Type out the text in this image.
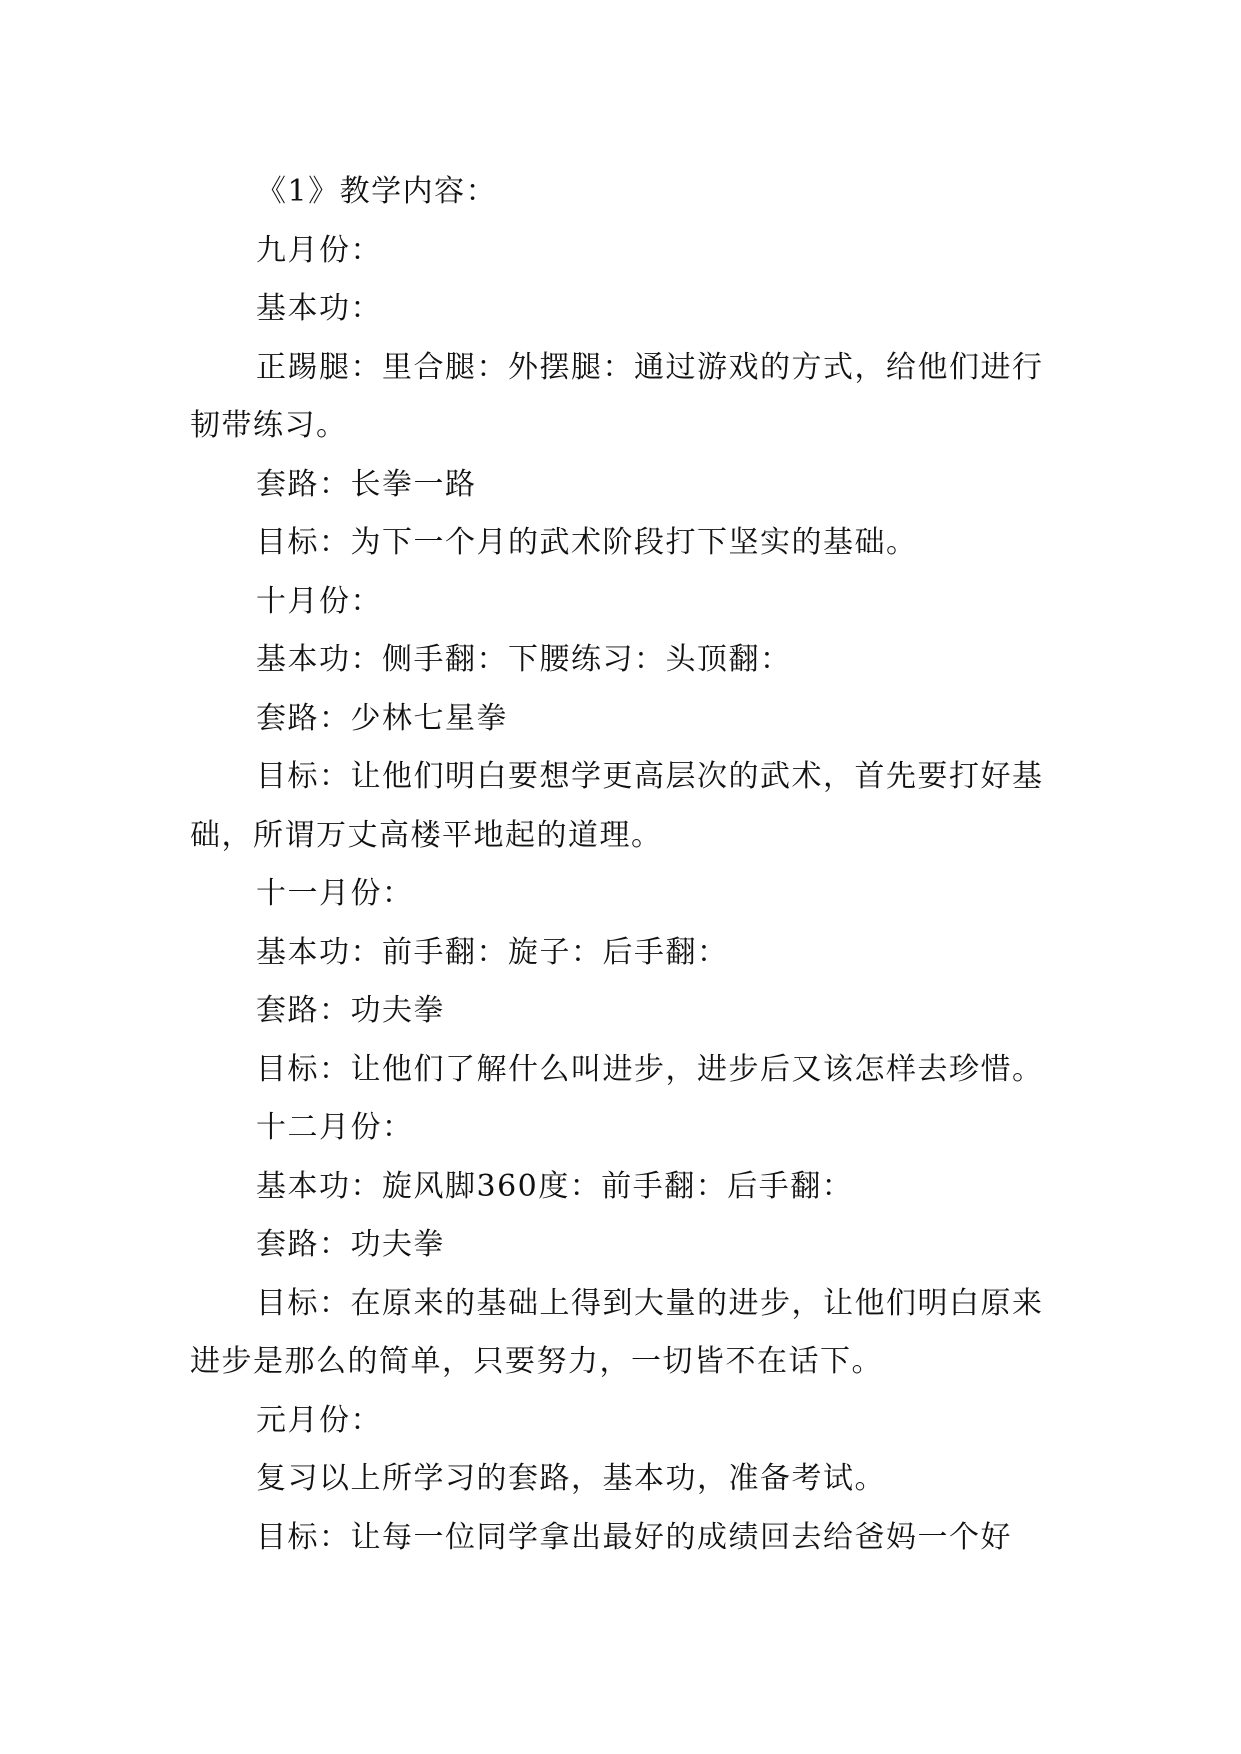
《1》教学内容：

九月份：

基本功：

正踢腿：里合腿：外摆腿：通过游戏的方式，给他们进行韧带练习。

套路：长拳一路

目标：为下一个月的武术阶段打下坚实的基础。

十月份：

基本功：侧手翻：下腰练习：头顶翻：

套路：少林七星拳

目标：让他们明白要想学更高层次的武术，首先要打好基础，所谓万丈高楼平地起的道理。

十一月份：

基本功：前手翻：旋子：后手翻：

套路：功夫拳

目标：让他们了解什么叫进步，进步后又该怎样去珍惜。

十二月份：

基本功：旋风脚360度：前手翻：后手翻：

套路：功夫拳

目标：在原来的基础上得到大量的进步，让他们明白原来进步是那么的简单，只要努力，一切皆不在话下。

元月份：

复习以上所学习的套路，基本功，准备考试。

目标：让每一位同学拿出最好的成绩回去给爸妈一个好
